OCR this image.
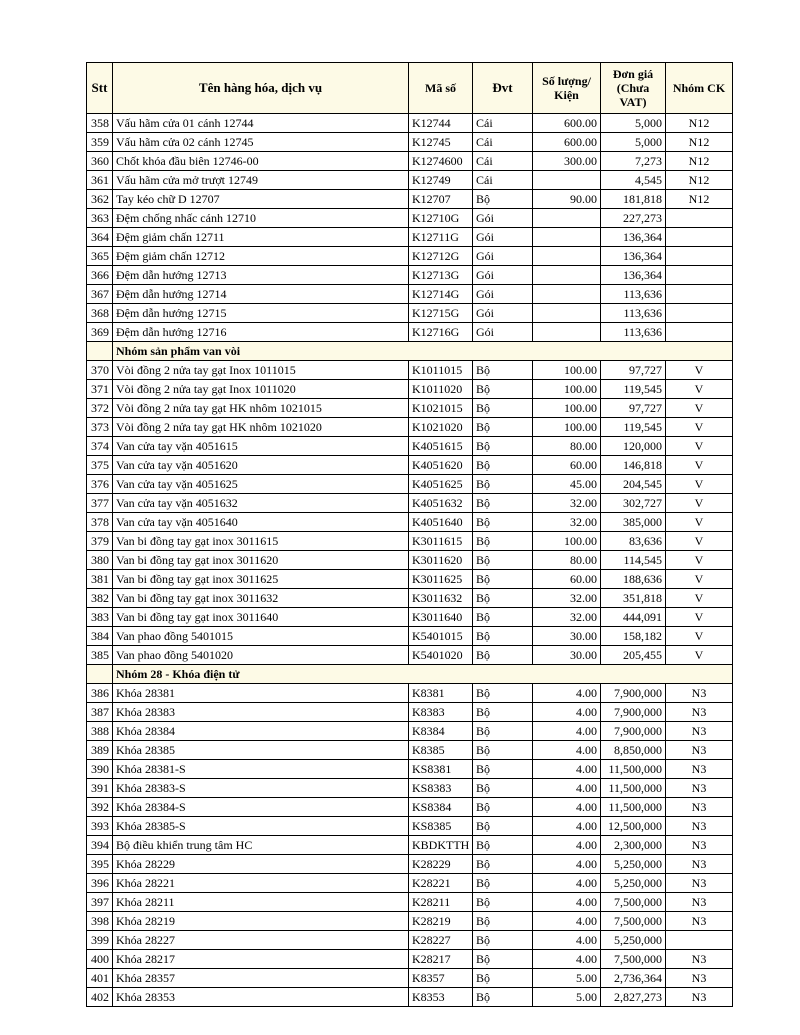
Stt	Tên hàng hóa, dịch vụ	Mã số	Đvt	Số lượng/
Kiện	Đơn giá
(Chưa
VAT)	Nhóm CK
358	Vấu hãm cửa 01 cánh 12744	K12744	Cái	600.00	5,000	N12
359	Vấu hãm cửa 02 cánh 12745	K12745	Cái	600.00	5,000	N12
360	Chốt khóa đầu biên 12746-00	K1274600	Cái	300.00	7,273	N12
361	Vấu hãm cửa mở trượt 12749	K12749	Cái		4,545	N12
362	Tay kéo chữ D 12707	K12707	Bộ	90.00	181,818	N12
363	Đệm chống nhấc cánh 12710	K12710G	Gói		227,273	
364	Đệm giảm chấn 12711	K12711G	Gói		136,364	
365	Đệm giảm chấn 12712	K12712G	Gói		136,364	
366	Đệm dẫn hướng 12713	K12713G	Gói		136,364	
367	Đệm dẫn hướng 12714	K12714G	Gói		113,636	
368	Đệm dẫn hướng 12715	K12715G	Gói		113,636	
369	Đệm dẫn hướng 12716	K12716G	Gói		113,636	
	Nhóm sản phẩm van vòi					
370	Vòi đồng 2 nửa tay gạt Inox 1011015	K1011015	Bộ	100.00	97,727	V
371	Vòi đồng 2 nửa tay gạt Inox 1011020	K1011020	Bộ	100.00	119,545	V
372	Vòi đồng 2 nửa tay gạt HK nhôm 1021015	K1021015	Bộ	100.00	97,727	V
373	Vòi đồng 2 nửa tay gạt HK nhôm 1021020	K1021020	Bộ	100.00	119,545	V
374	Van cửa tay vặn 4051615	K4051615	Bộ	80.00	120,000	V
375	Van cửa tay vặn 4051620	K4051620	Bộ	60.00	146,818	V
376	Van cửa tay vặn 4051625	K4051625	Bộ	45.00	204,545	V
377	Van cửa tay vặn 4051632	K4051632	Bộ	32.00	302,727	V
378	Van cửa tay vặn 4051640	K4051640	Bộ	32.00	385,000	V
379	Van bi đồng tay gạt inox 3011615	K3011615	Bộ	100.00	83,636	V
380	Van bi đồng tay gạt inox 3011620	K3011620	Bộ	80.00	114,545	V
381	Van bi đồng tay gạt inox 3011625	K3011625	Bộ	60.00	188,636	V
382	Van bi đồng tay gạt inox 3011632	K3011632	Bộ	32.00	351,818	V
383	Van bi đồng tay gạt inox 3011640	K3011640	Bộ	32.00	444,091	V
384	Van phao đồng 5401015	K5401015	Bộ	30.00	158,182	V
385	Van phao đồng 5401020	K5401020	Bộ	30.00	205,455	V
	Nhóm 28 - Khóa điện tử					
386	Khóa 28381	K8381	Bộ	4.00	7,900,000	N3
387	Khóa 28383	K8383	Bộ	4.00	7,900,000	N3
388	Khóa 28384	K8384	Bộ	4.00	7,900,000	N3
389	Khóa 28385	K8385	Bộ	4.00	8,850,000	N3
390	Khóa 28381-S	KS8381	Bộ	4.00	11,500,000	N3
391	Khóa 28383-S	KS8383	Bộ	4.00	11,500,000	N3
392	Khóa 28384-S	KS8384	Bộ	4.00	11,500,000	N3
393	Khóa 28385-S	KS8385	Bộ	4.00	12,500,000	N3
394	Bộ điều khiển trung tâm HC	KBDKTTH	Bộ	4.00	2,300,000	N3
395	Khóa 28229	K28229	Bộ	4.00	5,250,000	N3
396	Khóa 28221	K28221	Bộ	4.00	5,250,000	N3
397	Khóa 28211	K28211	Bộ	4.00	7,500,000	N3
398	Khóa 28219	K28219	Bộ	4.00	7,500,000	N3
399	Khóa 28227	K28227	Bộ	4.00	5,250,000	
400	Khóa 28217	K28217	Bộ	4.00	7,500,000	N3
401	Khóa 28357	K8357	Bộ	5.00	2,736,364	N3
402	Khóa 28353	K8353	Bộ	5.00	2,827,273	N3
